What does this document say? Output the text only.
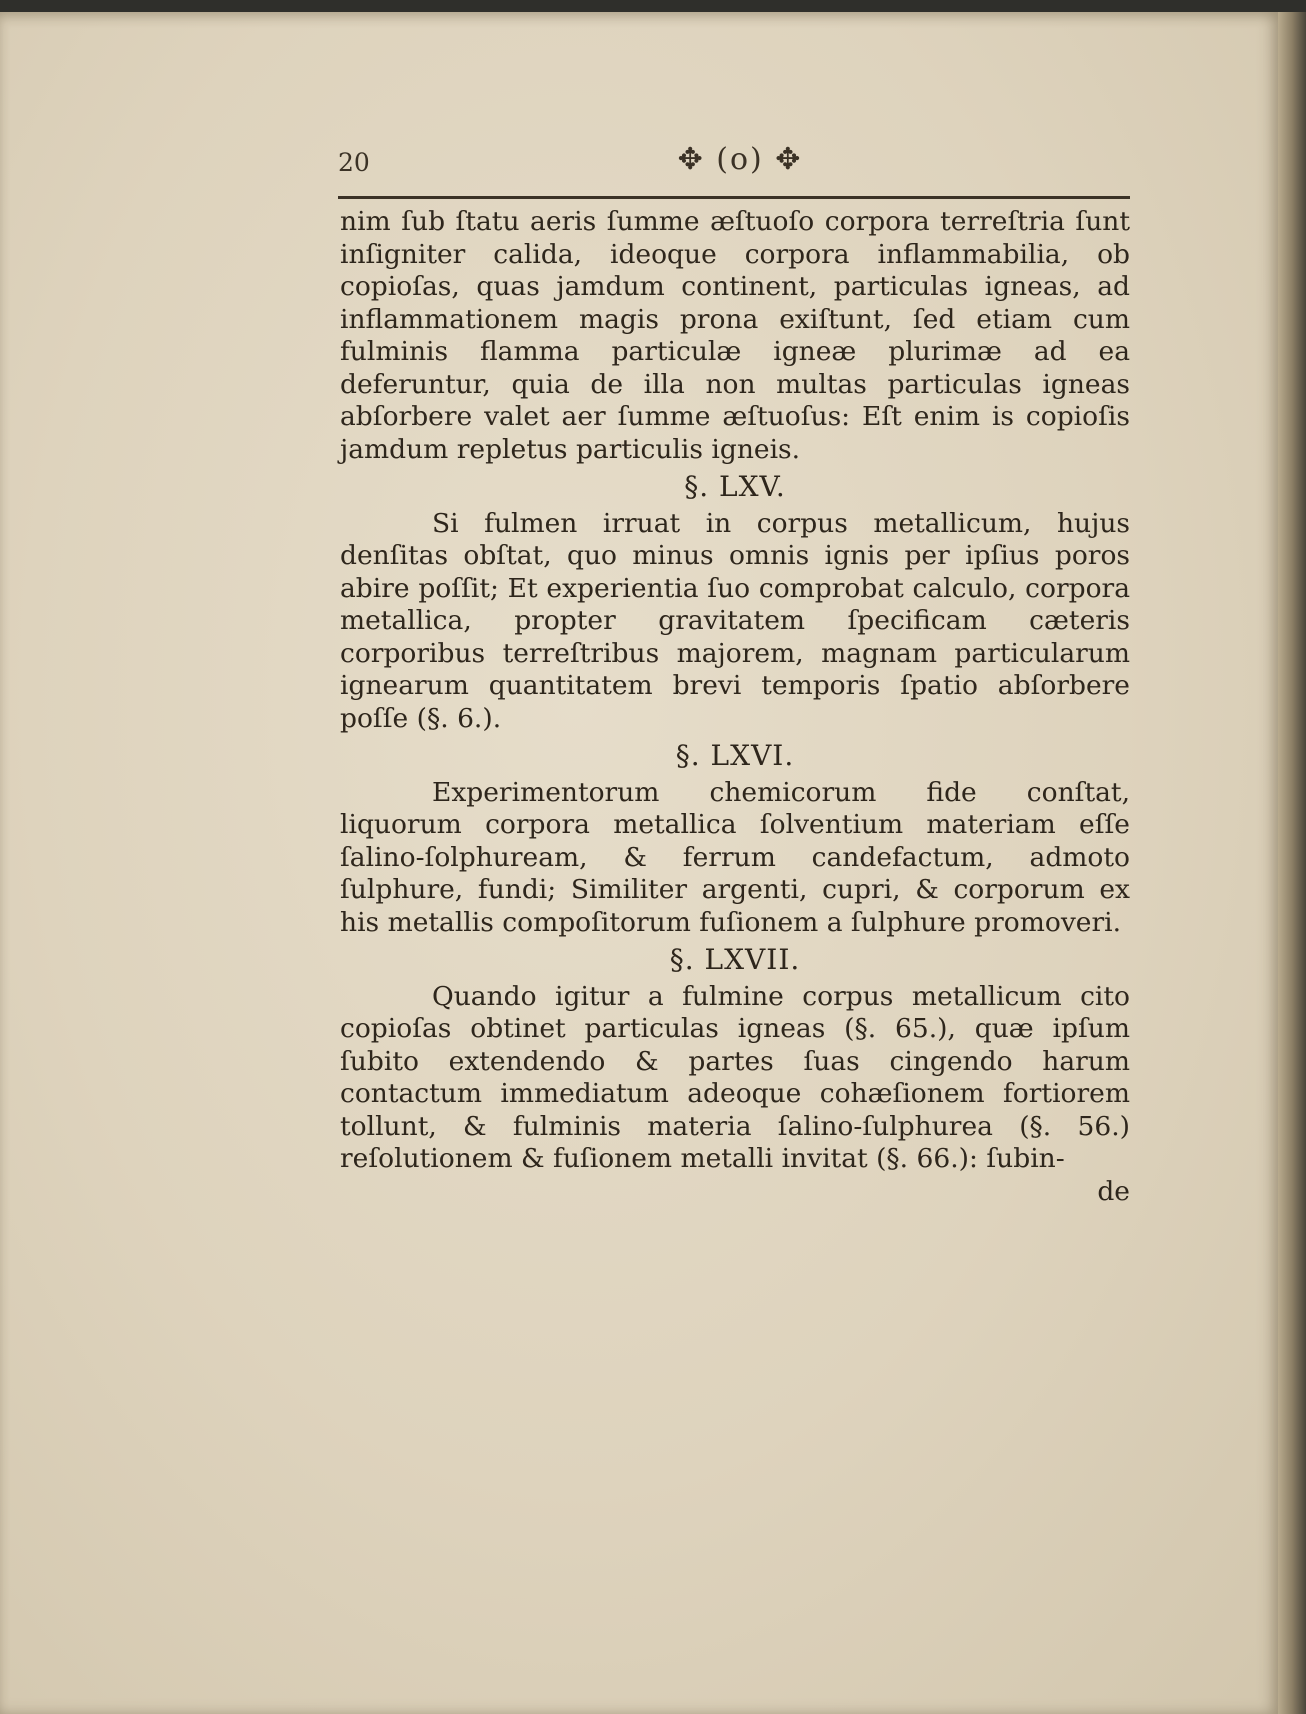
20	✥ (o) ✥

nim ſub ſtatu aeris ſumme æſtuoſo corpora terreſtria ſunt inſigniter calida, ideoque corpora inflammabilia, ob copioſas, quas jamdum continent, particulas igneas, ad inflammationem magis prona exiſtunt, ſed etiam cum fulminis flamma particulæ igneæ plurimæ ad ea deferuntur, quia de illa non multas particulas igneas abſorbere valet aer ſumme æſtuoſus: Eſt enim is copioſis jamdum repletus particulis igneis.

§. LXV.

Si fulmen irruat in corpus metallicum, hujus denſitas obſtat, quo minus omnis ignis per ipſius poros abire poſſit; Et experientia ſuo comprobat calculo, corpora metallica, propter gravitatem ſpecificam cæteris corporibus terreſtribus majorem, magnam particularum ignearum quantitatem brevi temporis ſpatio abſorbere poſſe (§. 6.).

§. LXVI.

Experimentorum chemicorum fide conſtat, liquorum corpora metallica ſolventium materiam eſſe ſalino-ſolphuream, & ferrum candefactum, admoto ſulphure, fundi; Similiter argenti, cupri, & corporum ex his metallis compoſitorum fuſionem a ſulphure promoveri.

§. LXVII.

Quando igitur a fulmine corpus metallicum cito copioſas obtinet particulas igneas (§. 65.), quæ ipſum ſubito extendendo & partes ſuas cingendo harum contactum immediatum adeoque cohæſionem fortiorem tollunt, & fulminis materia ſalino-ſulphurea (§. 56.) reſolutionem & fuſionem metalli invitat (§. 66.): ſubin-

de
